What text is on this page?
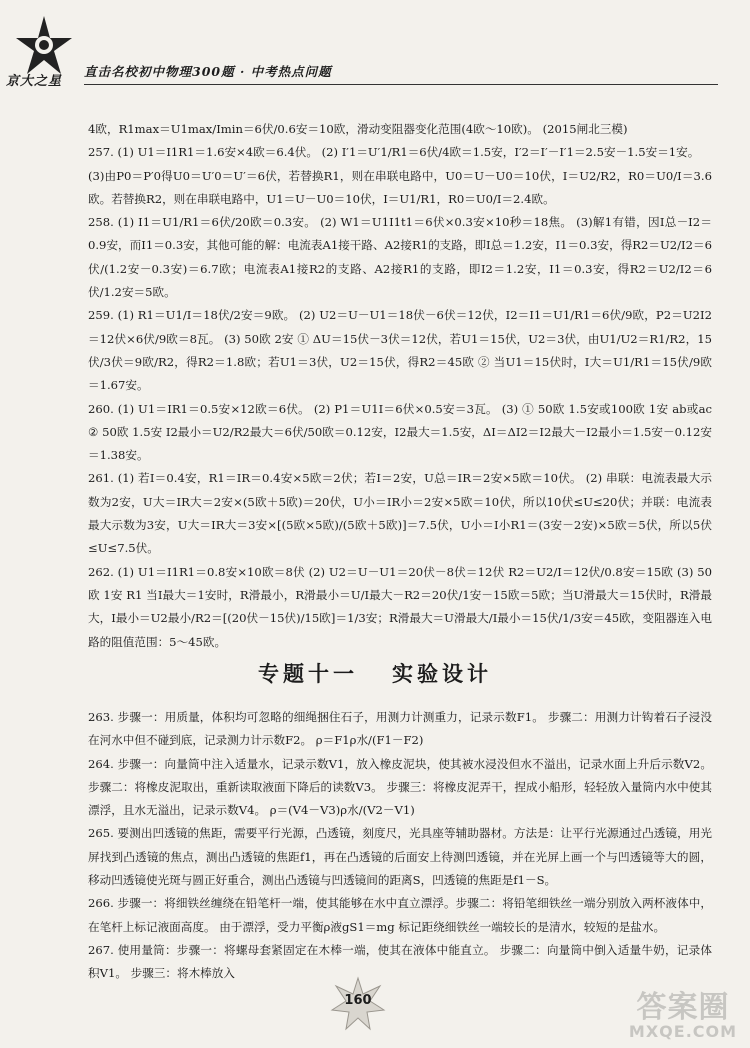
京大之星
直击名校初中物理300题 · 中考热点问题

4欧，R1max＝U1max/Imin＝6伏/0.6安＝10欧，滑动变阻器变化范围(4欧～10欧)。 (2015闸北三模)

257. (1) U1＝I1R1＝1.6安×4欧＝6.4伏。 (2) I′1＝U′1/R1＝6伏/4欧＝1.5安，I′2＝I′－I′1＝2.5安－1.5安＝1安。

(3)由P0＝P′0得U0＝U′0＝U′＝6伏，若替换R1，则在串联电路中，U0＝U－U0＝10伏，I＝U2/R2，R0＝U0/I＝3.6欧。若替换R2，则在串联电路中，U1＝U－U0＝10伏，I＝U1/R1，R0＝U0/I＝2.4欧。

258. (1) I1＝U1/R1＝6伏/20欧＝0.3安。 (2) W1＝U1I1t1＝6伏×0.3安×10秒＝18焦。 (3)解1有错，因I总－I2＝0.9安，而I1＝0.3安，其他可能的解：电流表A1接干路、A2接R1的支路，即I总＝1.2安，I1＝0.3安，得R2＝U2/I2＝6伏/(1.2安－0.3安)＝6.7欧；电流表A1接R2的支路、A2接R1的支路，即I2＝1.2安，I1＝0.3安，得R2＝U2/I2＝6伏/1.2安＝5欧。

259. (1) R1＝U1/I＝18伏/2安＝9欧。 (2) U2＝U－U1＝18伏－6伏＝12伏，I2＝I1＝U1/R1＝6伏/9欧，P2＝U2I2＝12伏×6伏/9欧＝8瓦。 (3) 50欧 2安 ① ΔU＝15伏－3伏＝12伏，若U1＝15伏，U2＝3伏，由U1/U2＝R1/R2，15伏/3伏＝9欧/R2，得R2＝1.8欧；若U1＝3伏，U2＝15伏，得R2＝45欧 ② 当U1＝15伏时，I大＝U1/R1＝15伏/9欧＝1.67安。

260. (1) U1＝IR1＝0.5安×12欧＝6伏。 (2) P1＝U1I＝6伏×0.5安＝3瓦。 (3) ① 50欧 1.5安或100欧 1安 ab或ac ② 50欧 1.5安 I2最小＝U2/R2最大＝6伏/50欧＝0.12安，I2最大＝1.5安，ΔI＝ΔI2＝I2最大－I2最小＝1.5安－0.12安＝1.38安。

261. (1) 若I＝0.4安，R1＝IR＝0.4安×5欧＝2伏；若I＝2安，U总＝IR＝2安×5欧＝10伏。 (2) 串联：电流表最大示数为2安，U大＝IR大＝2安×(5欧＋5欧)＝20伏，U小＝IR小＝2安×5欧＝10伏，所以10伏≤U≤20伏；并联：电流表最大示数为3安，U大＝IR大＝3安×[(5欧×5欧)/(5欧＋5欧)]＝7.5伏，U小＝I小R1＝(3安－2安)×5欧＝5伏，所以5伏≤U≤7.5伏。

262. (1) U1＝I1R1＝0.8安×10欧＝8伏 (2) U2＝U－U1＝20伏－8伏＝12伏 R2＝U2/I＝12伏/0.8安＝15欧 (3) 50欧 1安 R1 当I最大＝1安时，R滑最小，R滑最小＝U/I最大－R2＝20伏/1安－15欧＝5欧；当U滑最大＝15伏时，R滑最大，I最小＝U2最小/R2＝[(20伏－15伏)/15欧]＝1/3安；R滑最大＝U滑最大/I最小＝15伏/1/3安＝45欧，变阻器连入电路的阻值范围：5～45欧。

专题十一   实验设计

263. 步骤一：用质量，体积均可忽略的细绳捆住石子，用测力计测重力，记录示数F1。 步骤二：用测力计钩着石子浸没在河水中但不碰到底，记录测力计示数F2。 ρ＝F1ρ水/(F1－F2)

264. 步骤一：向量筒中注入适量水，记录示数V1，放入橡皮泥块，使其被水浸没但水不溢出，记录水面上升后示数V2。 步骤二：将橡皮泥取出，重新读取液面下降后的读数V3。 步骤三：将橡皮泥弄干，捏成小船形，轻轻放入量筒内水中使其漂浮，且水无溢出，记录示数V4。 ρ＝(V4－V3)ρ水/(V2－V1)

265. 要测出凹透镜的焦距，需要平行光源，凸透镜，刻度尺，光具座等辅助器材。方法是：让平行光源通过凸透镜，用光屏找到凸透镜的焦点，测出凸透镜的焦距f1，再在凸透镜的后面安上待测凹透镜，并在光屏上画一个与凹透镜等大的圆，移动凹透镜使光斑与圆正好重合，测出凸透镜与凹透镜间的距离S，凹透镜的焦距是f1－S。

266. 步骤一：将细铁丝缠绕在铅笔杆一端，使其能够在水中直立漂浮。步骤二：将铅笔细铁丝一端分别放入两杯液体中，在笔杆上标记液面高度。 由于漂浮，受力平衡ρ液gS1＝mg 标记距绕细铁丝一端较长的是清水，较短的是盐水。

267. 使用量筒：步骤一：将螺母套紧固定在木棒一端，使其在液体中能直立。 步骤二：向量筒中倒入适量牛奶，记录体积V1。 步骤三：将木棒放入

160	答案圈
MXQE.COM
